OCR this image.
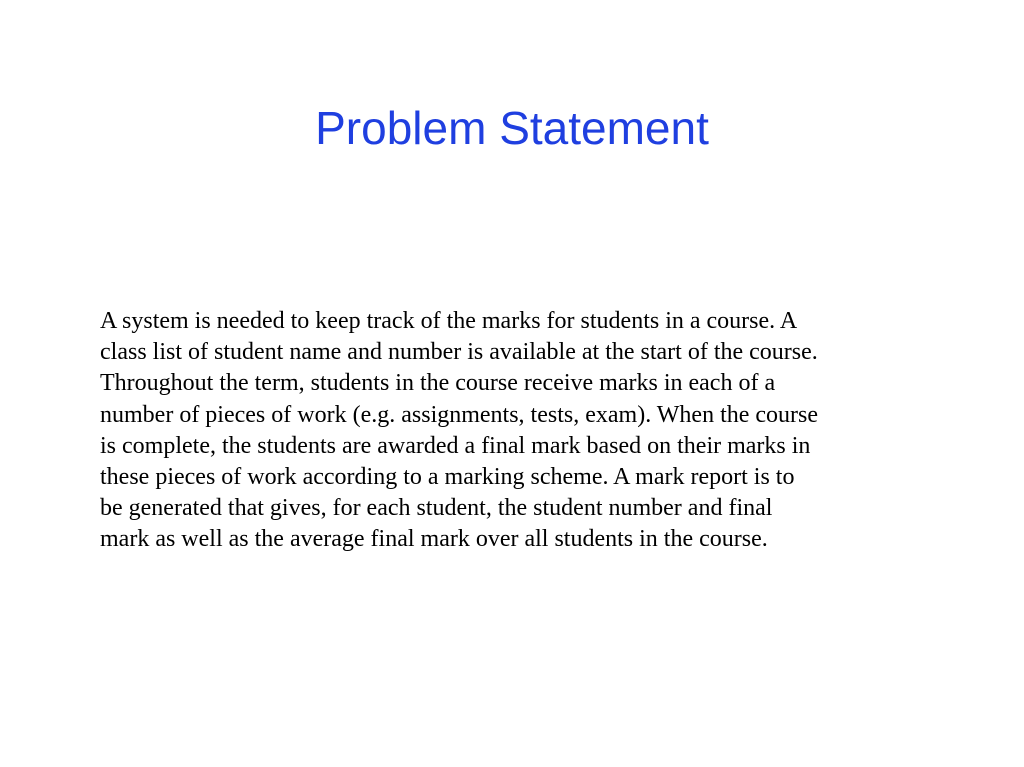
Problem Statement
A system is needed to keep track of the marks for students in a course. A
class list of student name and number is available at the start of the course.
Throughout the term, students in the course receive marks in each of a
number of pieces of work (e.g. assignments, tests, exam). When the course
is complete, the students are awarded a final mark based on their marks in
these pieces of work according to a marking scheme. A mark report is to
be generated that gives, for each student, the student number and final
mark as well as the average final mark over all students in the course.
